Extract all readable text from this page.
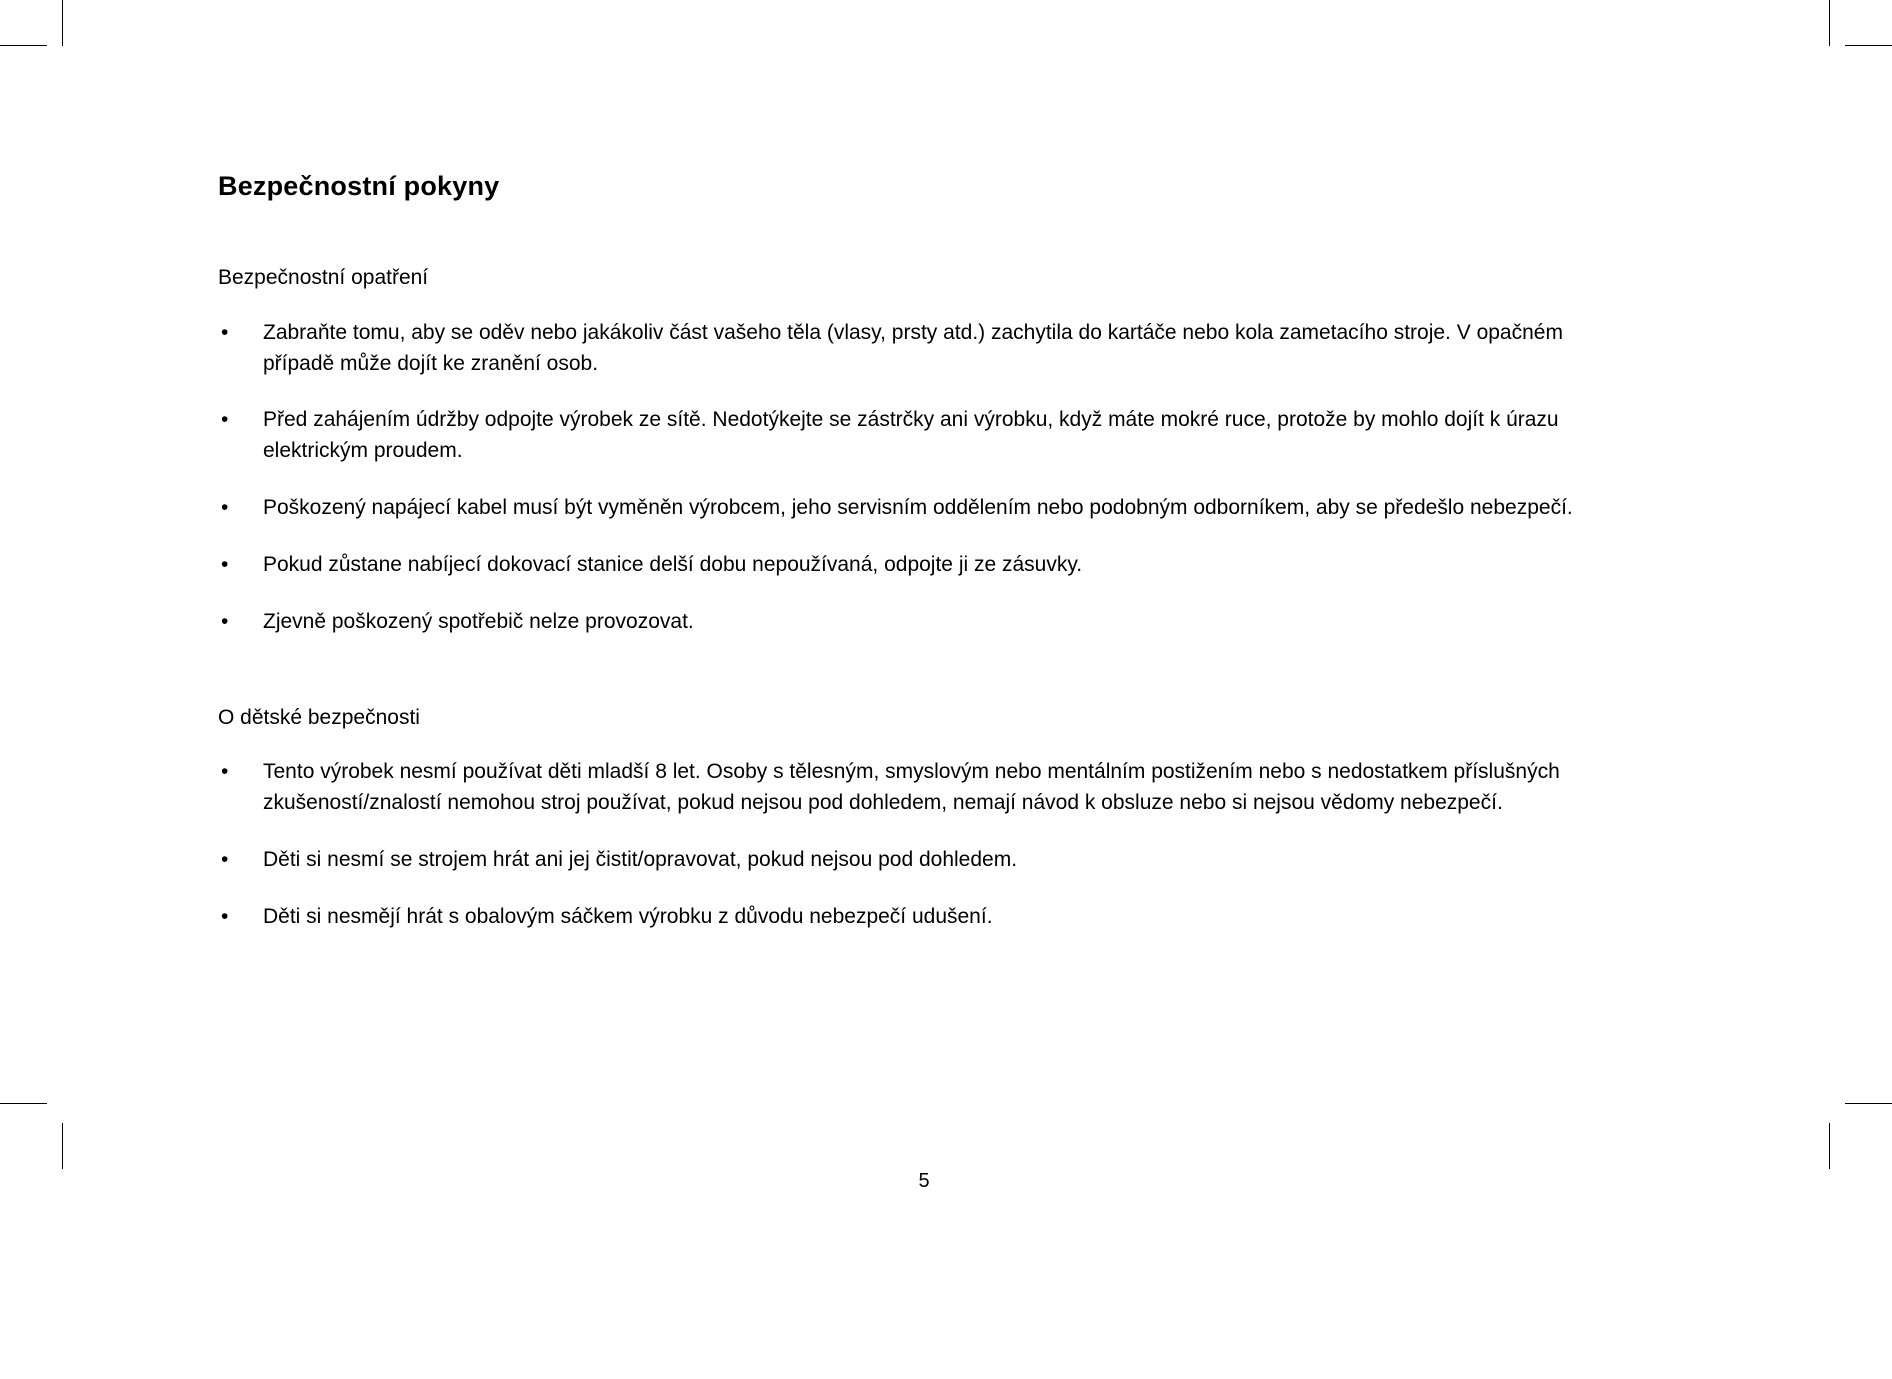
Bezpečnostní pokyny
Bezpečnostní opatření
• Zabraňte tomu, aby se oděv nebo jakákoliv část vašeho těla (vlasy, prsty atd.) zachytila do kartáče nebo kola zametacího stroje. V opačném případě může dojít ke zranění osob.
• Před zahájením údržby odpojte výrobek ze sítě. Nedotýkejte se zástrčky ani výrobku, když máte mokré ruce, protože by mohlo dojít k úrazu elektrickým proudem.
• Poškozený napájecí kabel musí být vyměněn výrobcem, jeho servisním oddělením nebo podobným odborníkem, aby se předešlo nebezpečí.
• Pokud zůstane nabíjecí dokovací stanice delší dobu nepoužívaná, odpojte ji ze zásuvky.
• Zjevně poškozený spotřebič nelze provozovat.
O dětské bezpečnosti
• Tento výrobek nesmí používat děti mladší 8 let. Osoby s tělesným, smyslovým nebo mentálním postižením nebo s nedostatkem příslušných zkušeností/znalostí nemohou stroj používat, pokud nejsou pod dohledem, nemají návod k obsluze nebo si nejsou vědomy nebezpečí.
• Děti si nesmí se strojem hrát ani jej čistit/opravovat, pokud nejsou pod dohledem.
• Děti si nesmějí hrát s obalovým sáčkem výrobku z důvodu nebezpečí udušení.
5
